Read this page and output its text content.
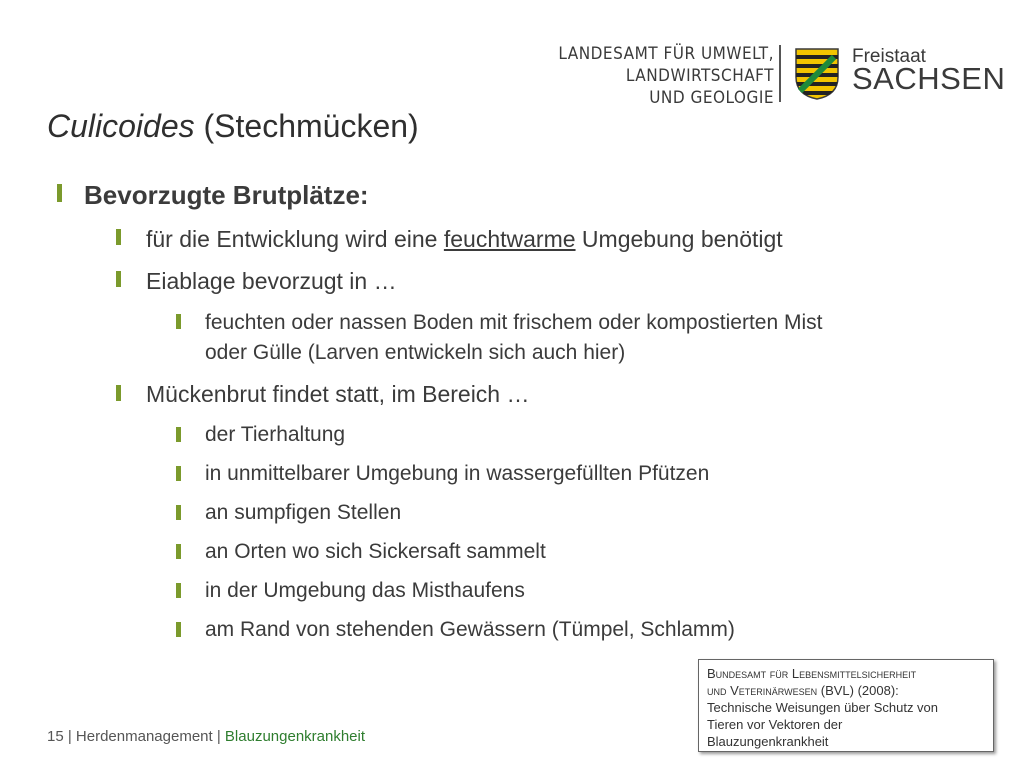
LANDESAMT FÜR UMWELT,
LANDWIRTSCHAFT
UND GEOLOGIE
Freistaat
SACHSEN
Culicoides (Stechmücken)
Bevorzugte Brutplätze:
für die Entwicklung wird eine feuchtwarme Umgebung benötigt
Eiablage bevorzugt in …
feuchten oder nassen Boden mit frischem oder kompostierten Mist
oder Gülle (Larven entwickeln sich auch hier)
Mückenbrut findet statt, im Bereich …
der Tierhaltung
in unmittelbarer Umgebung in wassergefüllten Pfützen
an sumpfigen Stellen
an Orten wo sich Sickersaft sammelt
in der Umgebung das Misthaufens
am Rand von stehenden Gewässern (Tümpel, Schlamm)
15 | Herdenmanagement | Blauzungenkrankheit
Bundesamt für Lebensmittelsicherheit
und Veterinärwesen (BVL) (2008):
Technische Weisungen über Schutz von
Tieren vor Vektoren der
Blauzungenkrankheit
